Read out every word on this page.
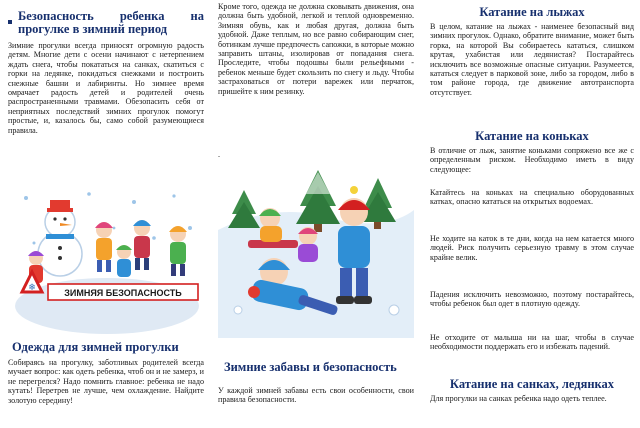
Безопасность ребенка на прогулке в зимний период

Зимние прогулки всегда приносят огромную радость детям. Многие дети с осени начинают с нетерпением ждать снега, чтобы покататься на санках, скатиться с горки на ледянке, покидаться снежками и построить снежные башни и лабиринты. Но зимнее время омрачает радость детей и родителей очень распространенными травмами. Обезопасить себя от неприятных последствий зимних прогулок помогут простые, и, казалось бы, само собой разумеющиеся правила.

❄	ЗИМНЯЯ БЕЗОПАСНОСТЬ
Одежда для зимней прогулки

Собираясь на прогулку, заботливых родителей всегда мучает вопрос: как одеть ребенка, чтоб он и не замерз, и не перегрелся? Надо помнить главное: ребенка не надо кутать! Перетрев не лучше, чем охлаждение. Найдите золотую середину!

Кроме того, одежда не должна сковывать движения, она должна быть удобной, легкой и теплой одновременно. Зимняя обувь, как и любая другая, должна быть удобной. Даже теплым, но все равно собирающим снег, ботинкам лучше предпочесть сапожки, в которые можно заправить штаны, изолировав от попадания снега. Проследите, чтобы подошвы были рельефными - ребенок меньше будет скользить по снегу и льду. Чтобы застраховаться от потери варежек или перчаток, пришейте к ним резинку.

.

Зимние забавы и безопасность

У каждой зимней забавы есть свои особенности, свои правила безопасности.

Катание на лыжах

В целом, катание на лыжах - наименее безопасный вид зимних прогулок. Однако, обратите внимание, может быть горка, на которой Вы собираетесь кататься, слишком крутая, ухабистая или ледянистая? Постарайтесь исключить все возможные опасные ситуации. Разумеется, кататься следует в парковой зоне, либо за городом, либо в том районе города, где движение автотранспорта отсутствует.

Катание на коньках

В отличие от лыж, занятие коньками сопряжено все же с определенным риском. Необходимо иметь в виду следующее:

Катайтесь на коньках на специально оборудованных катках, опасно кататься на открытых водоемах.

Не ходите на каток в те дни, когда на нем катается много людей. Риск получить серьезную травму в этом случае крайне велик.

Падения исключить невозможно, поэтому постарайтесь, чтобы ребенок был одет в плотную одежду.

Не отходите от малыша ни на шаг, чтобы в случае необходимости поддержать его и избежать падений.

Катание на санках, ледянках

Для прогулки на санках ребенка надо одеть теплее.
